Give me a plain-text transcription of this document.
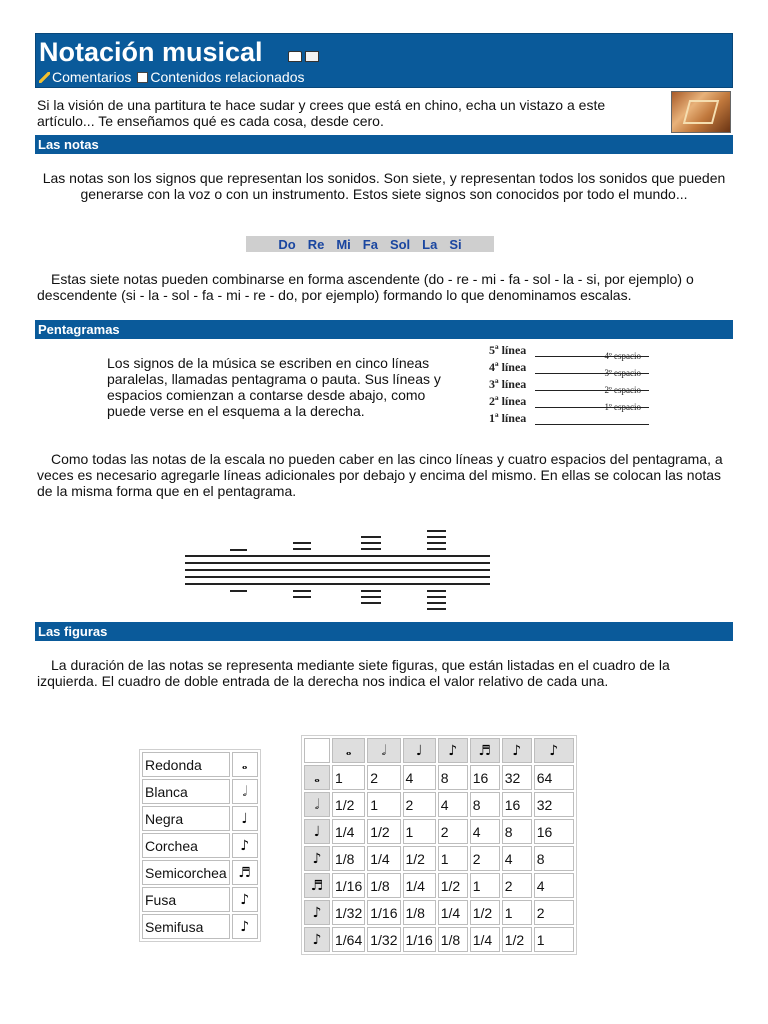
Notación musical
Comentarios	Contenidos relacionados
Si la visión de una partitura te hace sudar y crees que está en chino, echa un vistazo a este artículo... Te enseñamos qué es cada cosa, desde cero.
Las notas
Las notas son los signos que representan los sonidos. Son siete, y representan todos los sonidos que pueden generarse con la voz o con un instrumento. Estos siete signos son conocidos por todo el mundo...
Do Re Mi Fa Sol La Si
Estas siete notas pueden combinarse en forma ascendente (do - re - mi - fa - sol - la - si, por ejemplo) o descendente (si - la - sol - fa - mi - re - do, por ejemplo) formando lo que denominamos escalas.
Pentagramas
Los signos de la música se escriben en cinco líneas paralelas, llamadas pentagrama o pauta. Sus líneas y espacios comienzan a contarse desde abajo, como puede verse en el esquema a la derecha.
5ª línea	4º espacio
4ª línea	3º espacio
3ª línea	2º espacio
2ª línea	1º espacio
1ª línea
Como todas las notas de la escala no pueden caber en las cinco líneas y cuatro espacios del pentagrama, a veces es necesario agregarle líneas adicionales por debajo y encima del mismo. En ellas se colocan las notas de la misma forma que en el pentagrama.
Las figuras
La duración de las notas se representa mediante siete figuras, que están listadas en el cuadro de la izquierda. El cuadro de doble entrada de la derecha nos indica el valor relativo de cada una.
Redonda	𝅝
Blanca	𝅗𝅥
Negra	♩
Corchea	♪
Semicorchea	♬
Fusa	♪
Semifusa	♪
	𝅝	𝅗𝅥	♩	♪	♬	♪	♪
𝅝	1	2	4	8	16	32	64
𝅗𝅥	1/2	1	2	4	8	16	32
♩	1/4	1/2	1	2	4	8	16
♪	1/8	1/4	1/2	1	2	4	8
♬	1/16	1/8	1/4	1/2	1	2	4
♪	1/32	1/16	1/8	1/4	1/2	1	2
♪	1/64	1/32	1/16	1/8	1/4	1/2	1
